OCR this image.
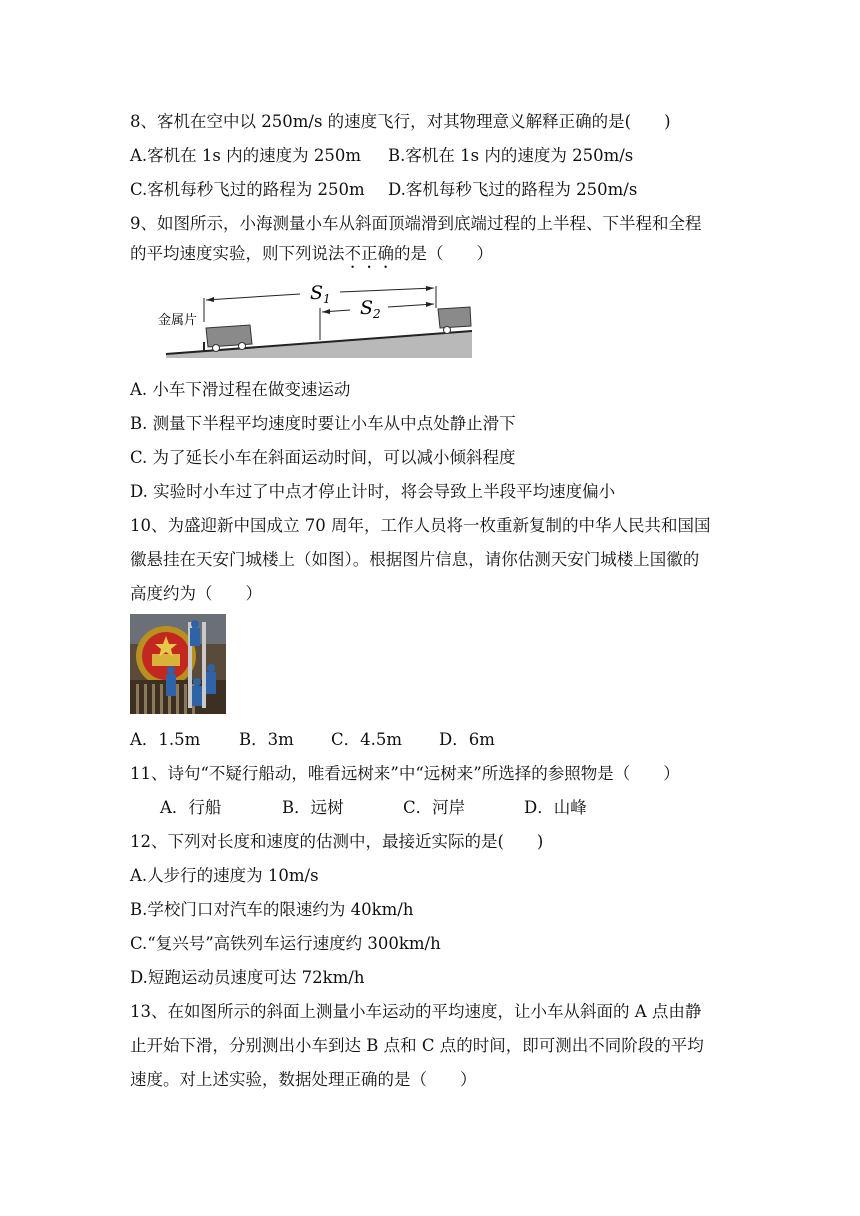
8、客机在空中以 250m/s 的速度飞行，对其物理意义解释正确的是(　　)
A.客机在 1s 内的速度为 250m B.客机在 1s 内的速度为 250m/s
C.客机每秒飞过的路程为 250m D.客机每秒飞过的路程为 250m/s
9、如图所示，小海测量小车从斜面顶端滑到底端过程的上半程、下半程和全程
的平均速度实验，则下列说法不正确的是（　　）
金属片
$S_1$ $S_2$
A. 小车下滑过程在做变速运动
B. 测量下半程平均速度时要让小车从中点处静止滑下
C. 为了延长小车在斜面运动时间，可以减小倾斜程度
D. 实验时小车过了中点才停止计时，将会导致上半段平均速度偏小
10、为盛迎新中国成立 70 周年，工作人员将一枚重新复制的中华人民共和国国
徽悬挂在天安门城楼上（如图）。根据图片信息，请你估测天安门城楼上国徽的
高度约为（　　）
A．1.5m B．3m C．4.5m D．6m
11、诗句“不疑行船动，唯看远树来”中“远树来”所选择的参照物是（　　）
A．行船	B．远树	C．河岸	D．山峰
12、下列对长度和速度的估测中，最接近实际的是(　　)
A.人步行的速度为 10m/s
B.学校门口对汽车的限速约为 40km/h
C.“复兴号”高铁列车运行速度约 300km/h
D.短跑运动员速度可达 72km/h
13、在如图所示的斜面上测量小车运动的平均速度，让小车从斜面的 A 点由静
止开始下滑，分别测出小车到达 B 点和 C 点的时间，即可测出不同阶段的平均
速度。对上述实验，数据处理正确的是（　　）
